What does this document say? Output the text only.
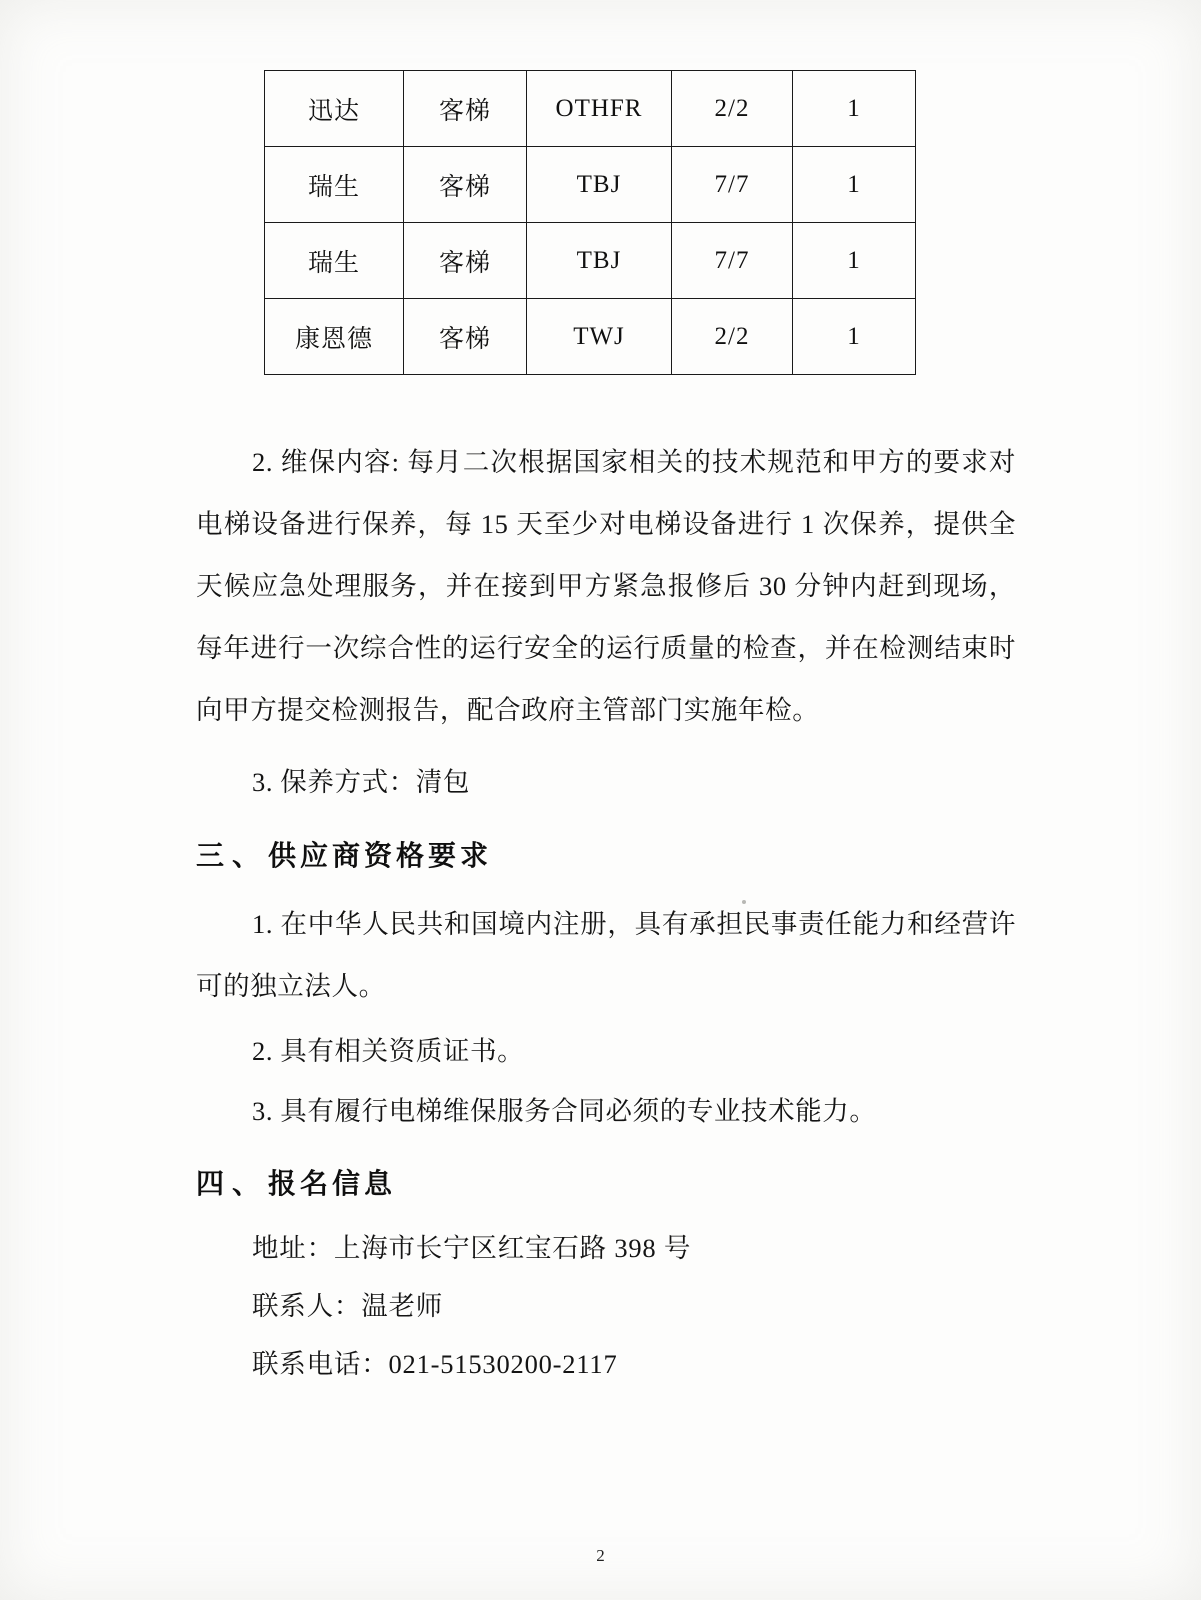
迅达	客梯	OTHFR	2/2	1
瑞生	客梯	TBJ	7/7	1
瑞生	客梯	TBJ	7/7	1
康恩德	客梯	TWJ	2/2	1

2. 维保内容: 每月二次根据国家相关的技术规范和甲方的要求对电梯设备进行保养，每 15 天至少对电梯设备进行 1 次保养，提供全天候应急处理服务，并在接到甲方紧急报修后 30 分钟内赶到现场，每年进行一次综合性的运行安全的运行质量的检查，并在检测结束时向甲方提交检测报告，配合政府主管部门实施年检。

3. 保养方式：清包

三、供应商资格要求

1. 在中华人民共和国境内注册，具有承担民事责任能力和经营许可的独立法人。

2. 具有相关资质证书。

3. 具有履行电梯维保服务合同必须的专业技术能力。

四、报名信息

地址：上海市长宁区红宝石路 398 号

联系人：温老师

联系电话：021-51530200-2117

2
